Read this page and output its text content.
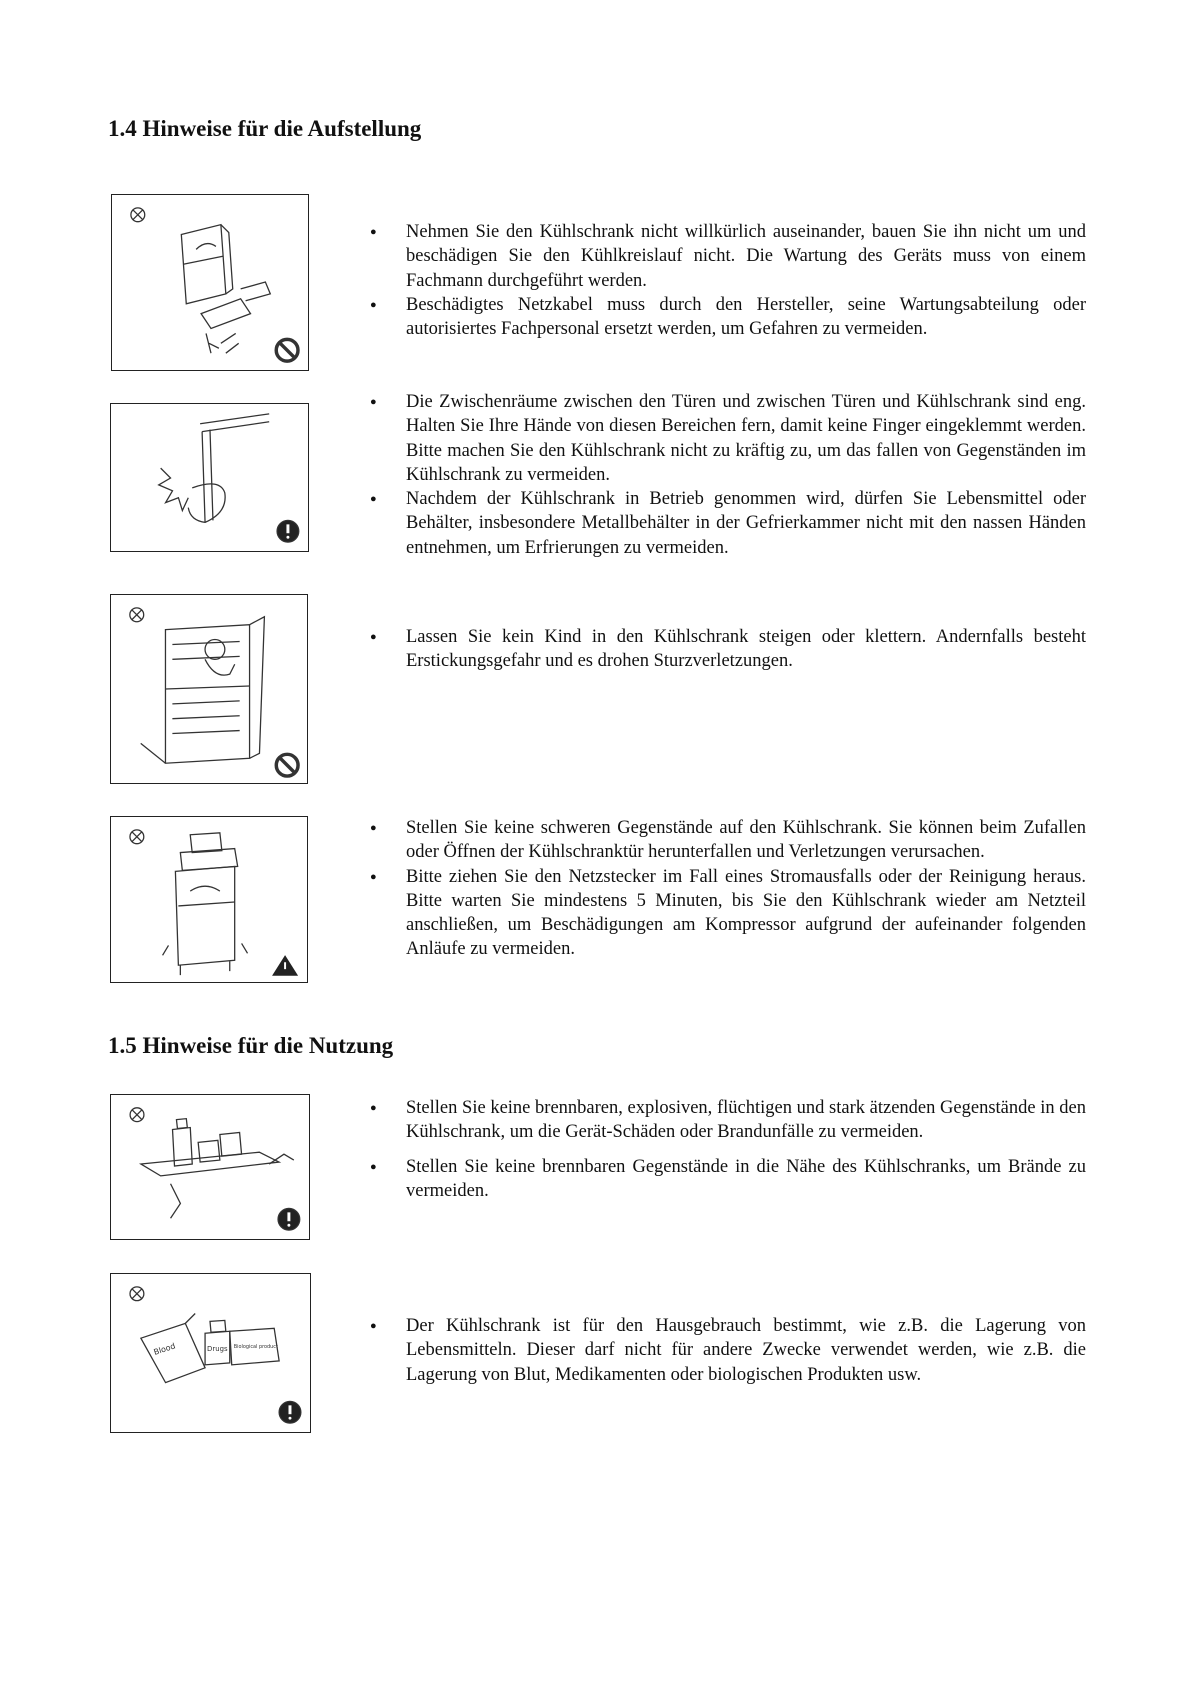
1.4 Hinweise für die Aufstellung
● Nehmen Sie den Kühlschrank nicht willkürlich auseinander, bauen Sie ihn nicht um und beschädigen Sie den Kühlkreislauf nicht. Die Wartung des Geräts muss von einem Fachmann durchgeführt werden.
● Beschädigtes Netzkabel muss durch den Hersteller, seine Wartungsabteilung oder autorisiertes Fachpersonal ersetzt werden, um Gefahren zu vermeiden.
● Die Zwischenräume zwischen den Türen und zwischen Türen und Kühlschrank sind eng. Halten Sie Ihre Hände von diesen Bereichen fern, damit keine Finger eingeklemmt werden. Bitte machen Sie den Kühlschrank nicht zu kräftig zu, um das fallen von Gegenständen im Kühlschrank zu vermeiden.
● Nachdem der Kühlschrank in Betrieb genommen wird, dürfen Sie Lebensmittel oder Behälter, insbesondere Metallbehälter in der Gefrierkammer nicht mit den nassen Händen entnehmen, um Erfrierungen zu vermeiden.
● Lassen Sie kein Kind in den Kühlschrank steigen oder klettern. Andernfalls besteht Erstickungsgefahr und es drohen Sturzverletzungen.
● Stellen Sie keine schweren Gegenstände auf den Kühlschrank. Sie können beim Zufallen oder Öffnen der Kühlschranktür herunterfallen und Verletzungen verursachen.
● Bitte ziehen Sie den Netzstecker im Fall eines Stromausfalls oder der Reinigung heraus. Bitte warten Sie mindestens 5 Minuten, bis Sie den Kühlschrank wieder am Netzteil anschließen, um Beschädigungen am Kompressor aufgrund der aufeinander folgenden Anläufe zu vermeiden.
1.5 Hinweise für die Nutzung
● Stellen Sie keine brennbaren, explosiven, flüchtigen und stark ätzenden Gegenstände in den Kühlschrank, um die Gerät-Schäden oder Brandunfälle zu vermeiden.
● Stellen Sie keine brennbaren Gegenstände in die Nähe des Kühlschranks, um Brände zu vermeiden.
Blood	Drugs Biological product
● Der Kühlschrank ist für den Hausgebrauch bestimmt, wie z.B. die Lagerung von Lebensmitteln. Dieser darf nicht für andere Zwecke verwendet werden, wie z.B. die Lagerung von Blut, Medikamenten oder biologischen Produkten usw.
